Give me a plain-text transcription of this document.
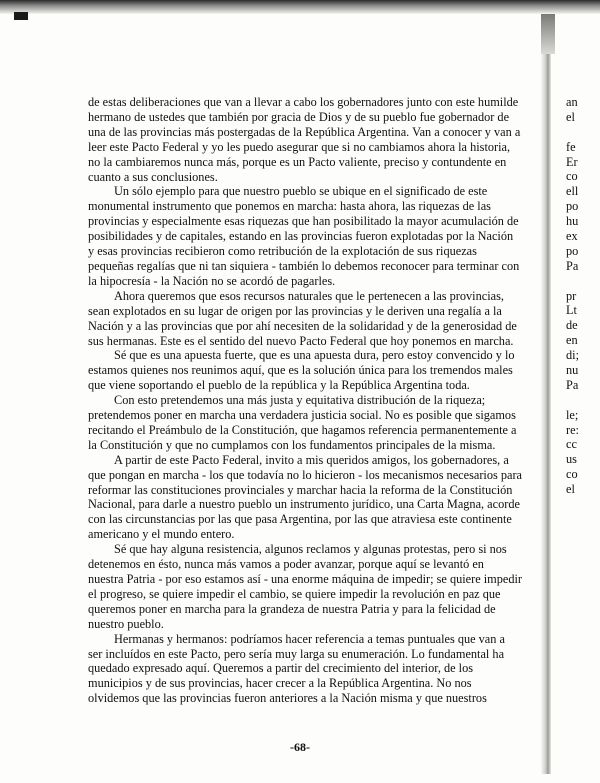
de estas deliberaciones que van a llevar a cabo los gobernadores junto con este humilde hermano de ustedes que también por gracia de Dios y de su pueblo fue gobernador de una de las provincias más postergadas de la República Argentina. Van a conocer y van a leer este Pacto Federal y yo les puedo asegurar que si no cambiamos ahora la historia, no la cambiaremos nunca más, porque es un Pacto valiente, preciso y contundente en cuanto a sus conclusiones.

Un sólo ejemplo para que nuestro pueblo se ubique en el significado de este monumental instrumento que ponemos en marcha: hasta ahora, las riquezas de las provincias y especialmente esas riquezas que han posibilitado la mayor acumulación de posibilidades y de capitales, estando en las provincias fueron explotadas por la Nación y esas provincias recibieron como retribución de la explotación de sus riquezas pequeñas regalías que ni tan siquiera - también lo debemos reconocer para terminar con la hipocresía - la Nación no se acordó de pagarles.

Ahora queremos que esos recursos naturales que le pertenecen a las provincias, sean explotados en su lugar de origen por las provincias y le deriven una regalía a la Nación y a las provincias que por ahí necesiten de la solidaridad y de la generosidad de sus hermanas. Este es el sentido del nuevo Pacto Federal que hoy ponemos en marcha.

Sé que es una apuesta fuerte, que es una apuesta dura, pero estoy convencido y lo estamos quienes nos reunimos aquí, que es la solución única para los tremendos males que viene soportando el pueblo de la república y la República Argentina toda.

Con esto pretendemos una más justa y equitativa distribución de la riqueza; pretendemos poner en marcha una verdadera justicia social. No es posible que sigamos recitando el Preámbulo de la Constitución, que hagamos referencia permanentemente a la Constitución y que no cumplamos con los fundamentos principales de la misma.

A partir de este Pacto Federal, invito a mis queridos amigos, los gobernadores, a que pongan en marcha - los que todavía no lo hicieron - los mecanismos necesarios para reformar las constituciones provinciales y marchar hacia la reforma de la Constitución Nacional, para darle a nuestro pueblo un instrumento jurídico, una Carta Magna, acorde con las circunstancias por las que pasa Argentina, por las que atraviesa este continente americano y el mundo entero.

Sé que hay alguna resistencia, algunos reclamos y algunas protestas, pero si nos detenemos en ésto, nunca más vamos a poder avanzar, porque aquí se levantó en nuestra Patria - por eso estamos así - una enorme máquina de impedir; se quiere impedir el progreso, se quiere impedir el cambio, se quiere impedir la revolución en paz que queremos poner en marcha para la grandeza de nuestra Patria y para la felicidad de nuestro pueblo.

Hermanas y hermanos: podríamos hacer referencia a temas puntuales que van a ser incluídos en este Pacto, pero sería muy larga su enumeración. Lo fundamental ha quedado expresado aquí. Queremos a partir del crecimiento del interior, de los municipios y de sus provincias, hacer crecer a la República Argentina. No nos olvidemos que las provincias fueron anteriores a la Nación misma y que nuestros

an
el
fe
Er
co
ell
po
hu
ex
po
Pa
pr
Lt
de
en
di;
nu
Pa
le;
re:
cc
us
co
el
-68-
